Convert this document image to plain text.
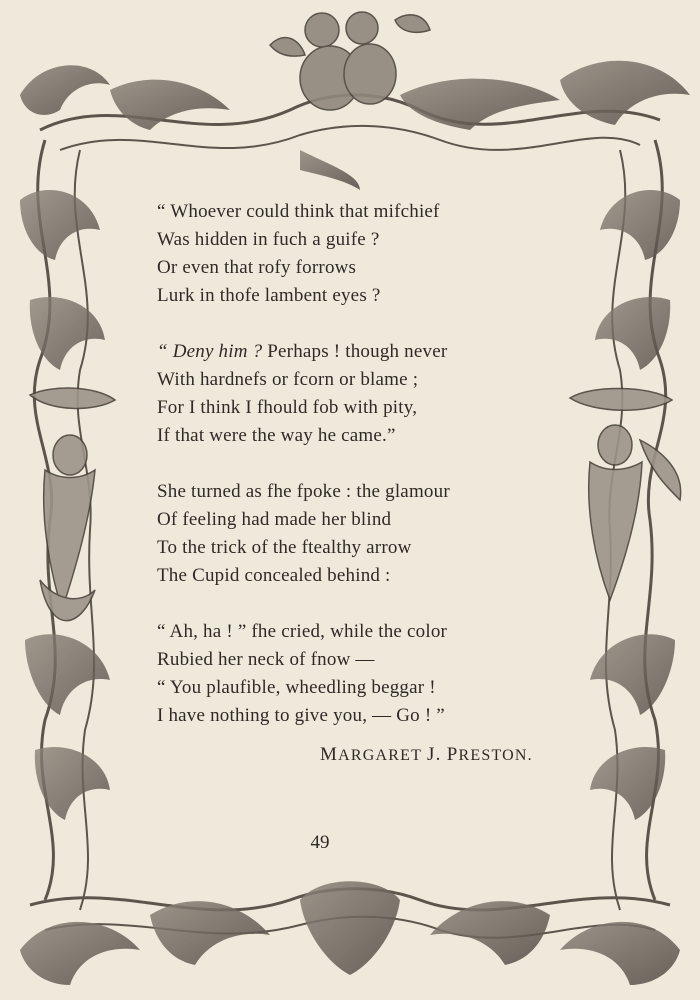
“ Whoever could think that mifchief
Was hidden in fuch a guife ?
Or even that rofy forrows
Lurk in thofe lambent eyes ?
“ Deny him ? Perhaps ! though never
With hardnefs or fcorn or blame ;
For I think I fhould fob with pity,
If that were the way he came.”
She turned as fhe fpoke : the glamour
Of feeling had made her blind
To the trick of the ftealthy arrow
The Cupid concealed behind :
“ Ah, ha ! ” fhe cried, while the color
Rubied her neck of fnow —
“ You plaufible, wheedling beggar !
I have nothing to give you, — Go ! ”
MARGARET J. PRESTON.
49
